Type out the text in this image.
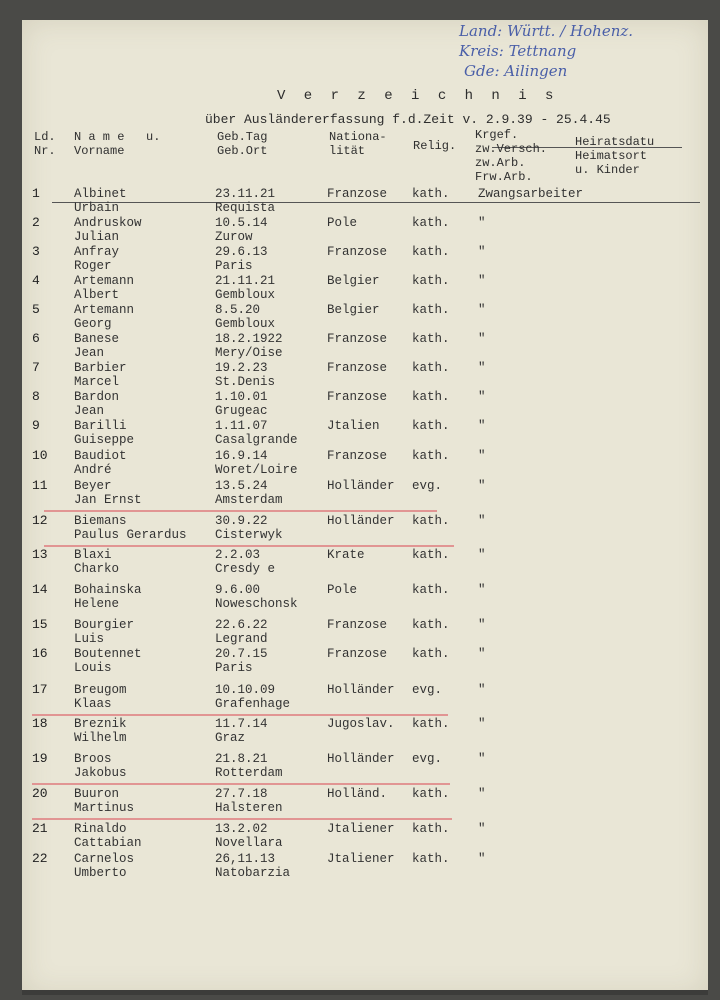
Land: Württ. / Hohenz.
Kreis: Tettnang
Gde: Ailingen
V e r z e i c h n i s
über Ausländererfassung f.d.Zeit v. 2.9.39 - 25.4.45
Ld.
Nr.
N a m e   u.
Vorname
Geb.Tag
Geb.Ort
Nationa-
lität	Relig.
Krgef.
zw.Versch.
zw.Arb.
Frw.Arb.
Heiratsdatu
Heimatsort
u. Kinder
1	Albinet
Urbain
23.11.21
Requista
Franzose kath. Zwangsarbeiter
2	Andruskow
Julian
10.5.14
Zurow
Pole	kath. "
3	Anfray
Roger
29.6.13
Paris
Franzose kath. "
4	Artemann
Albert
21.11.21
Gembloux
Belgier	kath. "
5	Artemann
Georg
8.5.20
Gembloux
Belgier	kath. "
6	Banese
Jean
18.2.1922
Mery/Oise
Franzose kath. "
7	Barbier
Marcel
19.2.23
St.Denis
Franzose kath. "
8	Bardon
Jean
1.10.01
Grugeac
Franzose kath. "
9	Barilli
Guiseppe
1.11.07
Casalgrande
Jtalien	kath. "
10 Baudiot
André
16.9.14
Woret/Loire
Franzose kath. "
11 Beyer
Jan Ernst
13.5.24
Amsterdam
Holländer evg.	"
12 Biemans
Paulus Gerardus
30.9.22
Cisterwyk
Holländer kath. "
13 Blaxi
Charko
2.2.03
Cresdy e
Krate	kath. "
14 Bohainska
Helene
9.6.00
Noweschonsk
Pole	kath. "
15 Bourgier
Luis
22.6.22
Legrand
Franzose kath. "
16 Boutennet
Louis
20.7.15
Paris
Franzose kath. "
17 Breugom
Klaas
10.10.09
Grafenhage
Holländer evg.	"
18 Breznik
Wilhelm
11.7.14
Graz
Jugoslav. kath. "
19 Broos
Jakobus
21.8.21
Rotterdam
Holländer evg.	"
20 Buuron
Martinus
27.7.18
Halsteren
Holländ. kath. "
21 Rinaldo
Cattabian
13.2.02
Novellara
Jtaliener kath. "
22 Carnelos
Umberto
26,11.13
Natobarzia
Jtaliener kath. "
